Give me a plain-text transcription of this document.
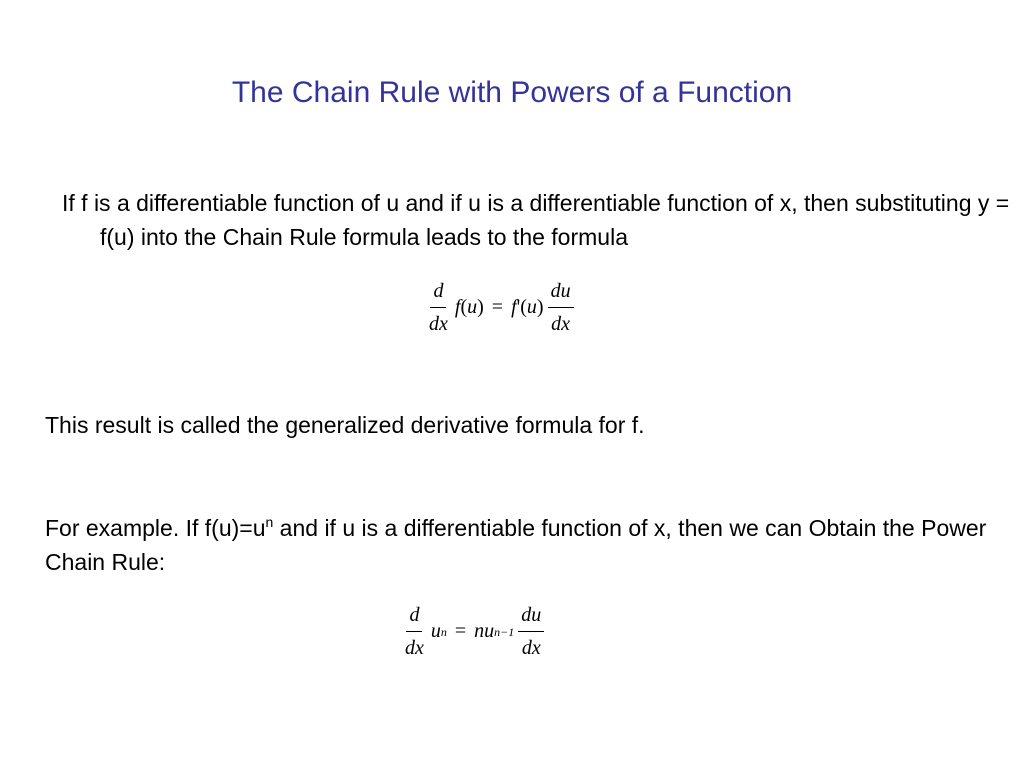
The Chain Rule with Powers of a Function
If f is a differentiable function of u and if u is a differentiable function of x, then substituting y = f(u) into the Chain Rule formula leads to the formula
$\frac{d}{dx}$ f ( u ) = f '( u ) $\frac{du}{dx}$
This result is called the generalized derivative formula for f.
For example. If $f(u)=u^n$ and if u is a differentiable function of x, then we can Obtain the Power Chain Rule:
$\frac{d}{dx}$ u n = nu $n-1 \frac{du}{dx}$
